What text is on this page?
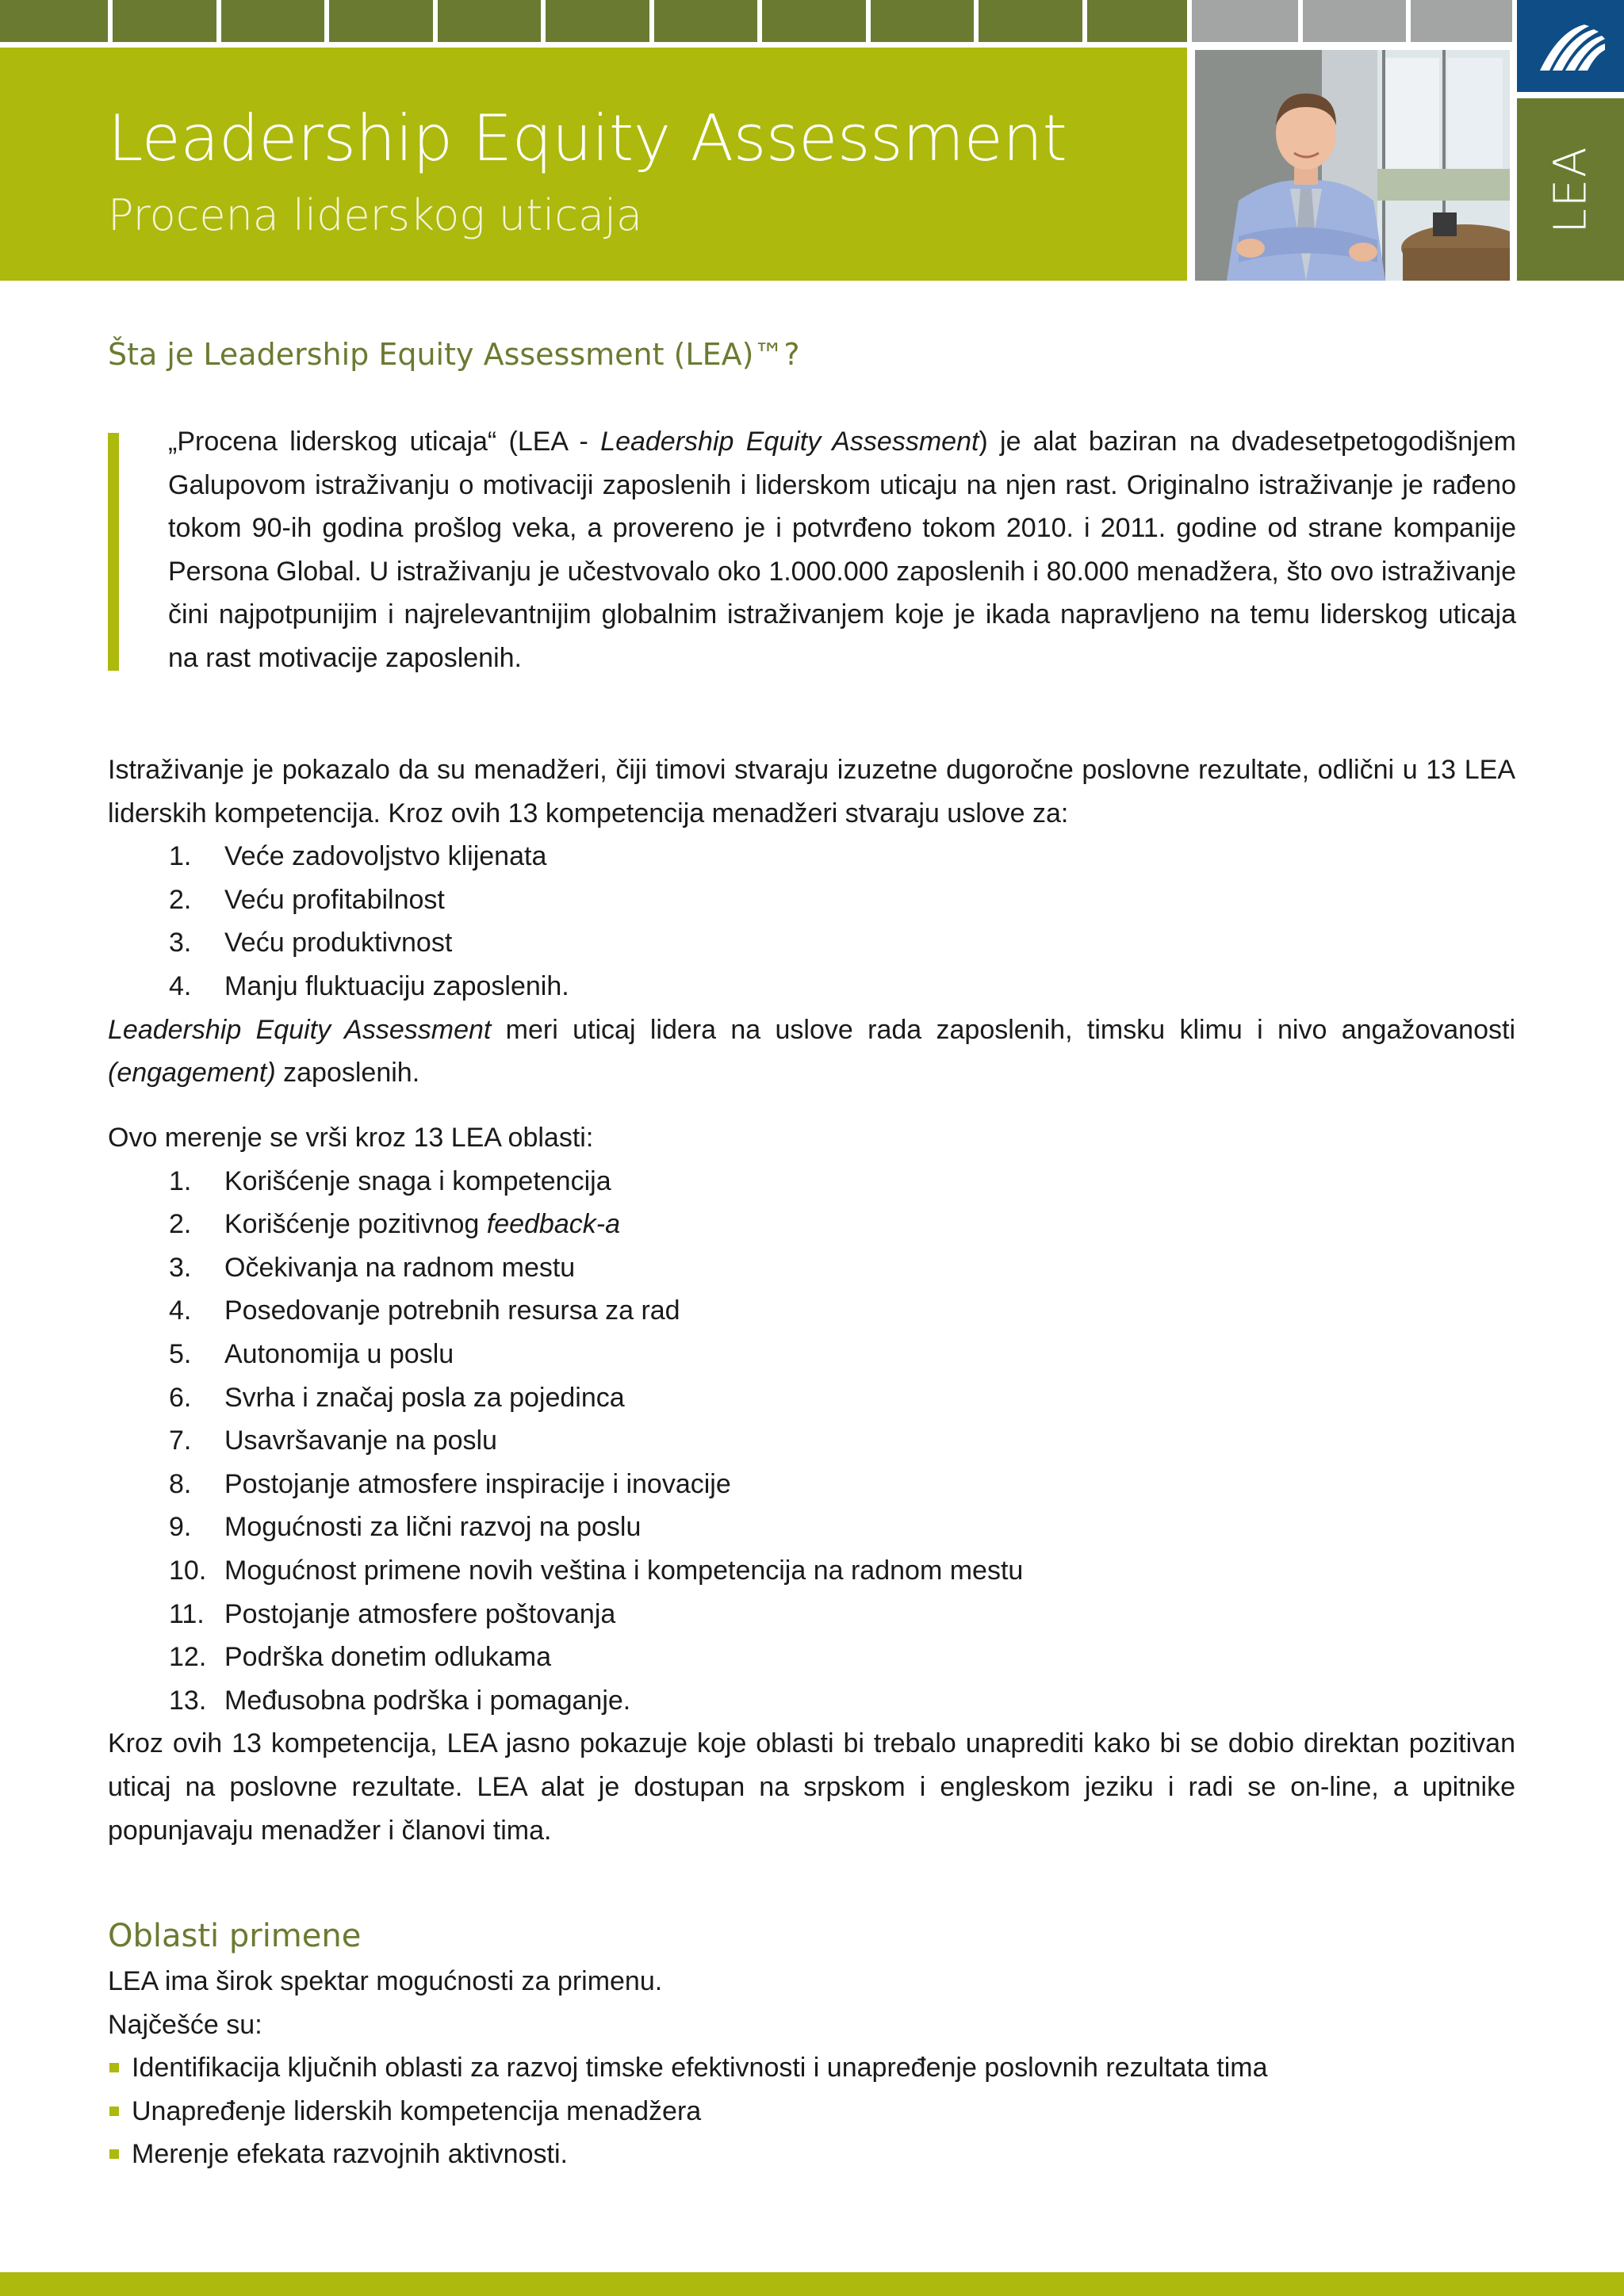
Leadership Equity Assessment

Procena liderskog uticaja	LEA
Šta je Leadership Equity Assessment (LEA)™?

„Procena liderskog uticaja“ (LEA - Leadership Equity Assessment) je alat baziran na dvadesetpetogodišnjem Galupovom istraživanju o motivaciji zaposlenih i liderskom uticaju na njen rast. Originalno istraživanje je rađeno tokom 90-ih godina prošlog veka, a provereno je i potvrđeno tokom 2010. i 2011. godine od strane kompanije Persona Global. U istraživanju je učestvovalo oko 1.000.000 zaposlenih i 80.000 menadžera, što ovo istraživanje čini najpotpunijim i najrelevantnijim globalnim istraživanjem koje je ikada napravljeno na temu liderskog uticaja na rast motivacije zaposlenih.

Istraživanje je pokazalo da su menadžeri, čiji timovi stvaraju izuzetne dugoročne poslovne rezultate, odlični u 13 LEA liderskih kompetencija. Kroz ovih 13 kompetencija menadžeri stvaraju uslove za:

1. Veće zadovoljstvo klijenata
2. Veću profitabilnost
3. Veću produktivnost
4. Manju fluktuaciju zaposlenih.

Leadership Equity Assessment meri uticaj lidera na uslove rada zaposlenih, timsku klimu i nivo angažovanosti (engagement) zaposlenih.

Ovo merenje se vrši kroz 13 LEA oblasti:

1. Korišćenje snaga i kompetencija
2. Korišćenje pozitivnog feedback-a
3. Očekivanja na radnom mestu
4. Posedovanje potrebnih resursa za rad
5. Autonomija u poslu
6. Svrha i značaj posla za pojedinca
7. Usavršavanje na poslu
8. Postojanje atmosfere inspiracije i inovacije
9. Mogućnosti za lični razvoj na poslu
10. Mogućnost primene novih veština i kompetencija na radnom mestu
11. Postojanje atmosfere poštovanja
12. Podrška donetim odlukama
13. Međusobna podrška i pomaganje.

Kroz ovih 13 kompetencija, LEA jasno pokazuje koje oblasti bi trebalo unaprediti kako bi se dobio direktan pozitivan uticaj na poslovne rezultate. LEA alat je dostupan na srpskom i engleskom jeziku i radi se on-line, a upitnike popunjavaju menadžer i članovi tima.

Oblasti primene

LEA ima širok spektar mogućnosti za primenu.

Najčešće su:

Identifikacija ključnih oblasti za razvoj timske efektivnosti i unapređenje poslovnih rezultata tima
Unapređenje liderskih kompetencija menadžera
Merenje efekata razvojnih aktivnosti.
